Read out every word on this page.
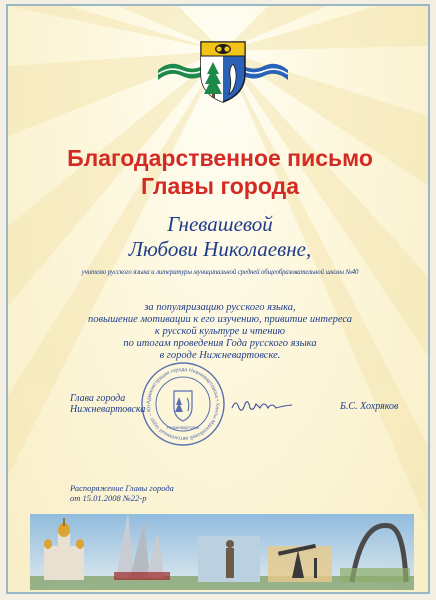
Благодарственное письмо
Главы города
Гневашевой
Любови Николаевне,
учителю русского языка и литературы муниципальной средней общеобразовательной школы №40
за популяризацию русского языка,
повышение мотивации к его изучению, привитие интереса
к русской культуре и чтению
по итогам проведения Года русского языка
в городе Нижневартовске.
Администрация города Нижневартовска • Ханты-Мансийский автономный округ – Юг
Нижневартовск
Глава города
Нижневартовска	Б.С. Хохряков
Распоряжение Главы города
от 15.01.2008 №22-р
